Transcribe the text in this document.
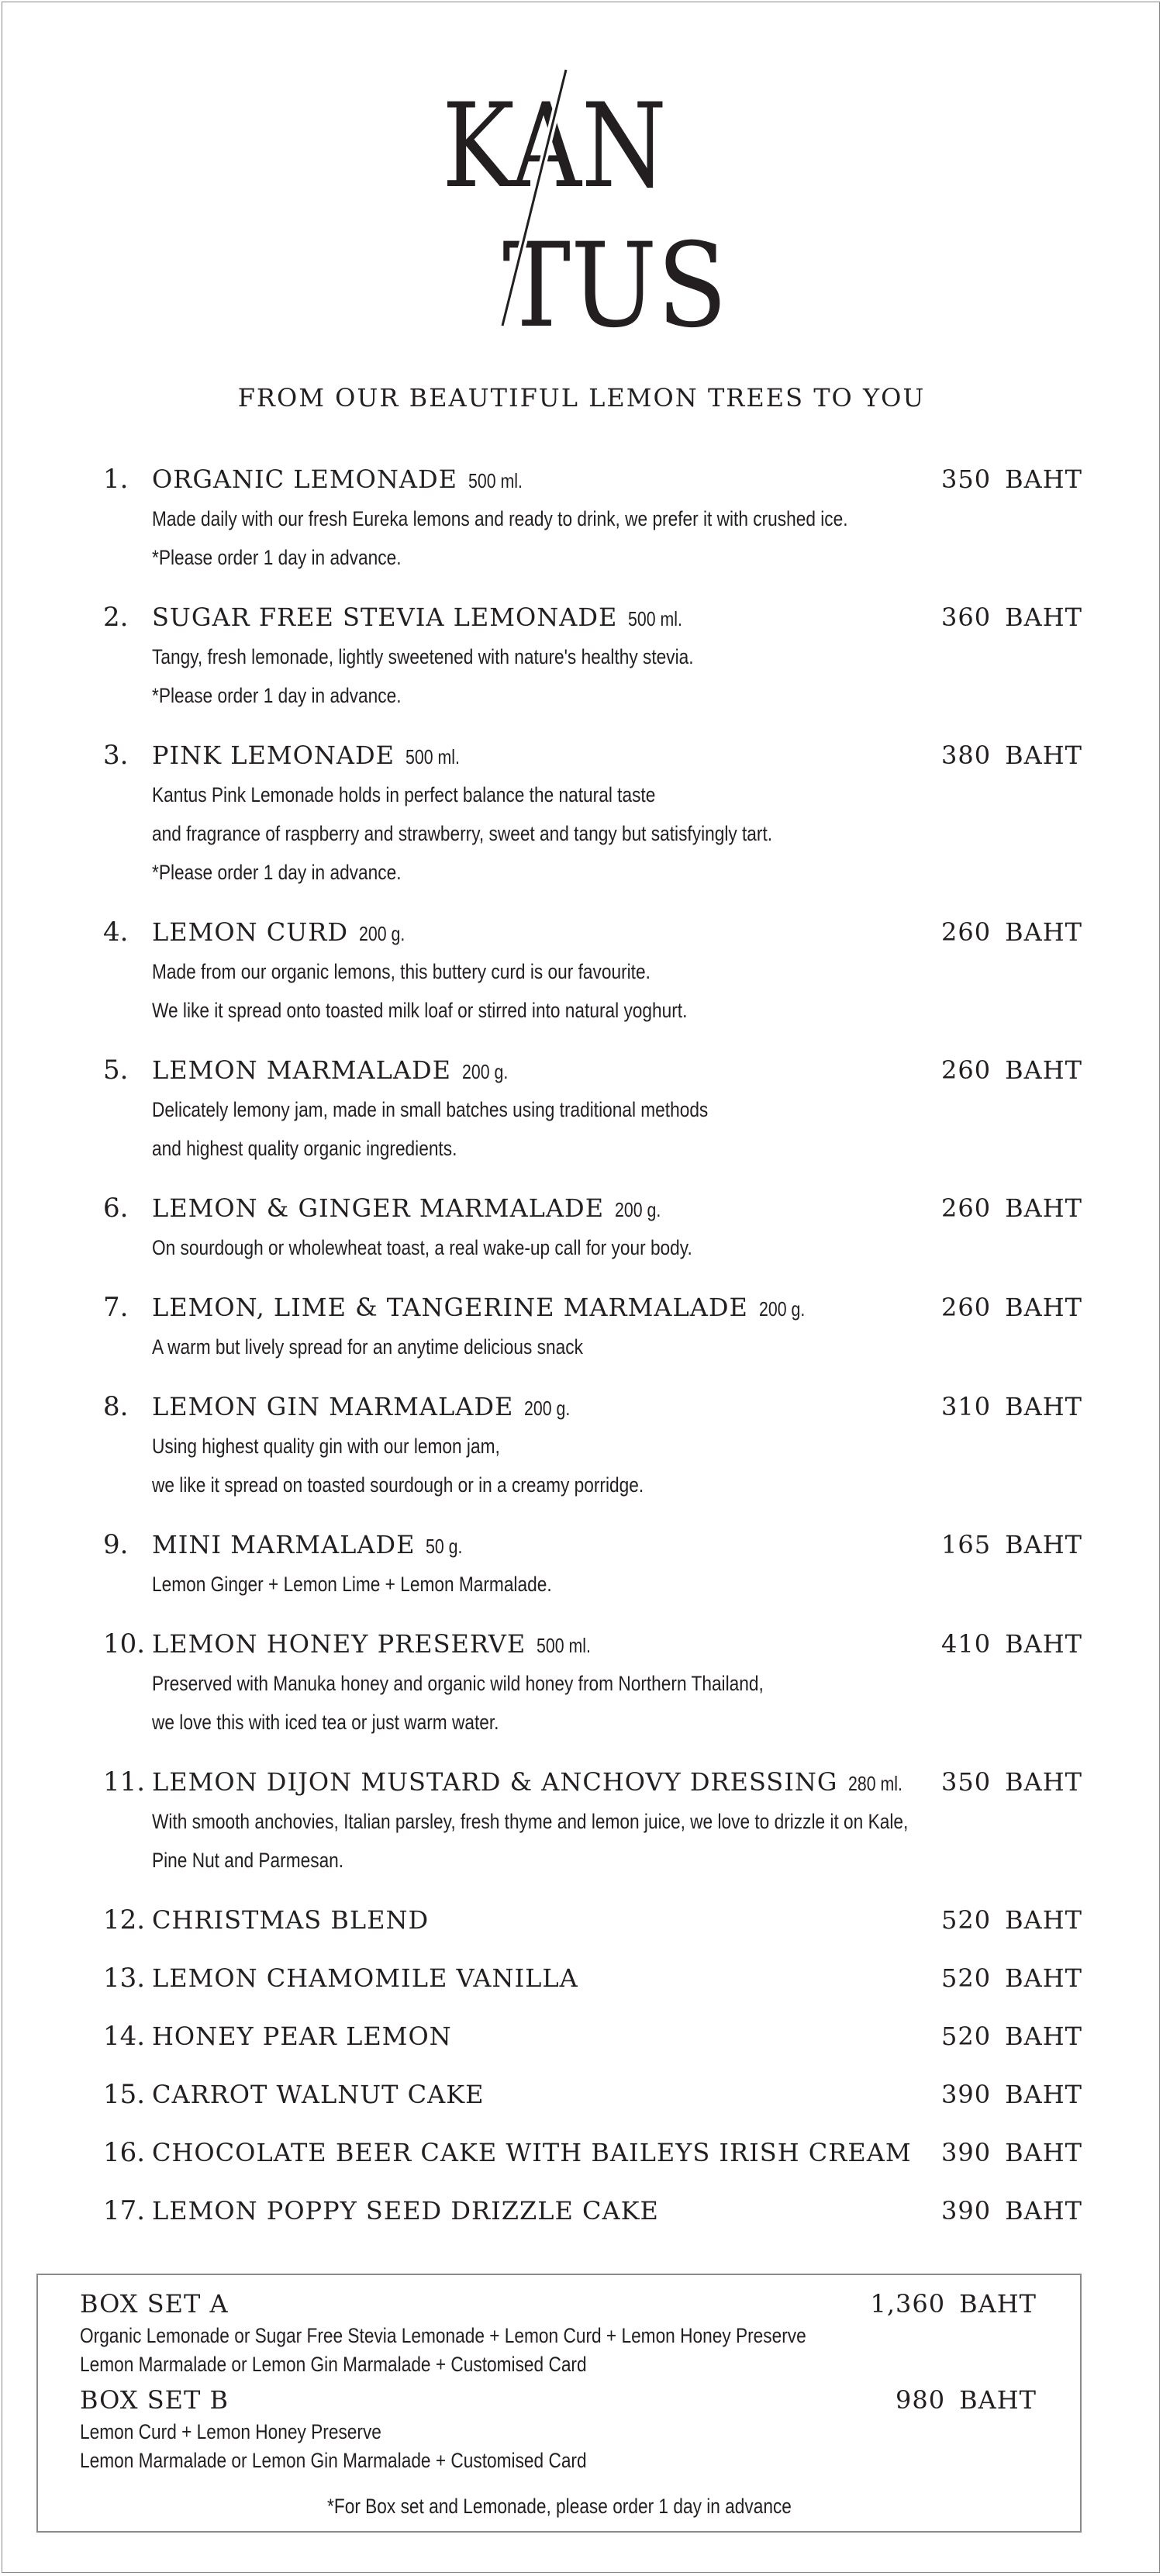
KAN
TUS
FROM OUR BEAUTIFUL LEMON TREES TO YOU
1. ORGANIC LEMONADE 500 ml.	350 BAHT
Made daily with our fresh Eureka lemons and ready to drink, we prefer it with crushed ice.
*Please order 1 day in advance.
2. SUGAR FREE STEVIA LEMONADE 500 ml.	360 BAHT
Tangy, fresh lemonade, lightly sweetened with nature's healthy stevia.
*Please order 1 day in advance.
3. PINK LEMONADE 500 ml.	380 BAHT
Kantus Pink Lemonade holds in perfect balance the natural taste
and fragrance of raspberry and strawberry, sweet and tangy but satisfyingly tart.
*Please order 1 day in advance.
4. LEMON CURD 200 g.	260 BAHT
Made from our organic lemons, this buttery curd is our favourite.
We like it spread onto toasted milk loaf or stirred into natural yoghurt.
5. LEMON MARMALADE 200 g.	260 BAHT
Delicately lemony jam, made in small batches using traditional methods
and highest quality organic ingredients.
6. LEMON & GINGER MARMALADE 200 g.	260 BAHT
On sourdough or wholewheat toast, a real wake-up call for your body.
7. LEMON, LIME & TANGERINE MARMALADE 200 g.	260 BAHT
A warm but lively spread for an anytime delicious snack
8. LEMON GIN MARMALADE 200 g.	310 BAHT
Using highest quality gin with our lemon jam,
we like it spread on toasted sourdough or in a creamy porridge.
9. MINI MARMALADE 50 g.	165 BAHT
Lemon Ginger + Lemon Lime + Lemon Marmalade.
10. LEMON HONEY PRESERVE 500 ml.	410 BAHT
Preserved with Manuka honey and organic wild honey from Northern Thailand,
we love this with iced tea or just warm water.
11. LEMON DIJON MUSTARD & ANCHOVY DRESSING 280 ml.	350 BAHT
With smooth anchovies, Italian parsley, fresh thyme and lemon juice, we love to drizzle it on Kale,
Pine Nut and Parmesan.
12. CHRISTMAS BLEND	520 BAHT
13. LEMON CHAMOMILE VANILLA	520 BAHT
14. HONEY PEAR LEMON	520 BAHT
15. CARROT WALNUT CAKE	390 BAHT
16. CHOCOLATE BEER CAKE WITH BAILEYS IRISH CREAM	390 BAHT
17. LEMON POPPY SEED DRIZZLE CAKE	390 BAHT
BOX SET A	1,360 BAHT
Organic Lemonade or Sugar Free Stevia Lemonade + Lemon Curd + Lemon Honey Preserve
Lemon Marmalade or Lemon Gin Marmalade + Customised Card
BOX SET B	980 BAHT
Lemon Curd + Lemon Honey Preserve
Lemon Marmalade or Lemon Gin Marmalade + Customised Card
*For Box set and Lemonade, please order 1 day in advance
